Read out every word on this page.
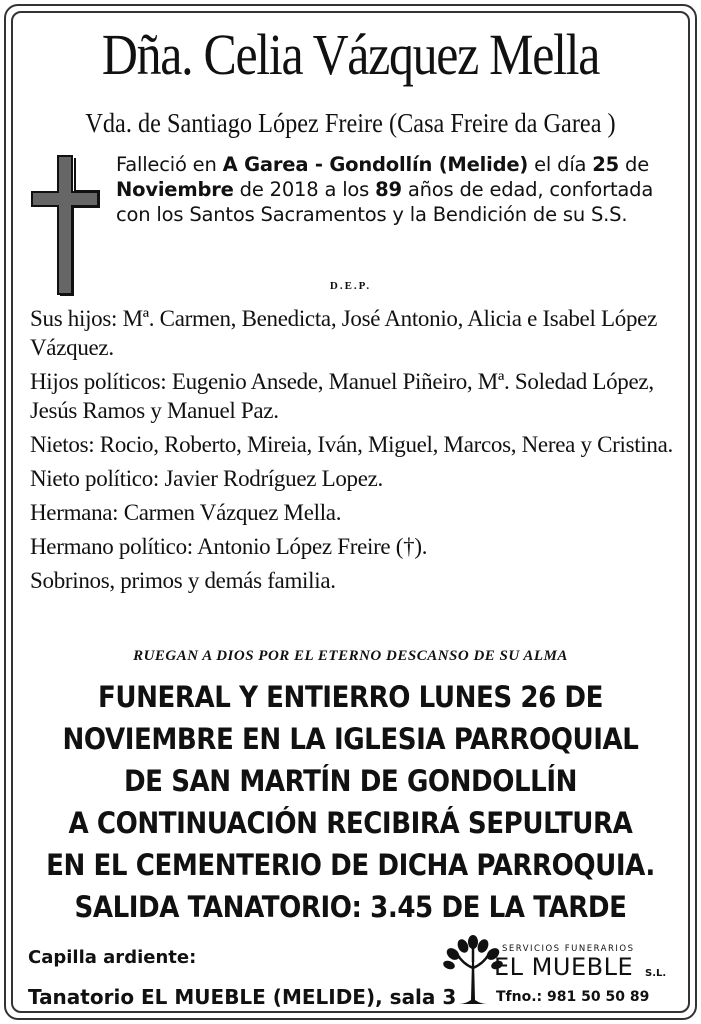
Dña. Celia Vázquez Mella
Vda. de Santiago López Freire (Casa Freire da Garea )
Falleció en A Garea - Gondollín (Melide) el día 25 de Noviembre de 2018 a los 89 años de edad, confortada con los Santos Sacramentos y la Bendición de su S.S.
D.E.P.

Sus hijos: Mª. Carmen, Benedicta, José Antonio, Alicia e Isabel López Vázquez.

Hijos políticos: Eugenio Ansede, Manuel Piñeiro, Mª. Soledad López, Jesús Ramos y Manuel Paz.

Nietos: Rocio, Roberto, Mireia, Iván, Miguel, Marcos, Nerea y Cristina.

Nieto político: Javier Rodríguez Lopez.

Hermana: Carmen Vázquez Mella.

Hermano político: Antonio López Freire (†).

Sobrinos, primos y demás familia.

RUEGAN A DIOS POR EL ETERNO DESCANSO DE SU ALMA
FUNERAL Y ENTIERRO LUNES 26 DE
NOVIEMBRE EN LA IGLESIA PARROQUIAL
DE SAN MARTÍN DE GONDOLLÍN
A CONTINUACIÓN RECIBIRÁ SEPULTURA
EN EL CEMENTERIO DE DICHA PARROQUIA.
SALIDA TANATORIO: 3.45 DE LA TARDE
Capilla ardiente:
Tanatorio EL MUEBLE (MELIDE), sala 3
SERVICIOS FUNERARIOS
EL MUEBLE S.L.
Tfno.: 981 50 50 89
